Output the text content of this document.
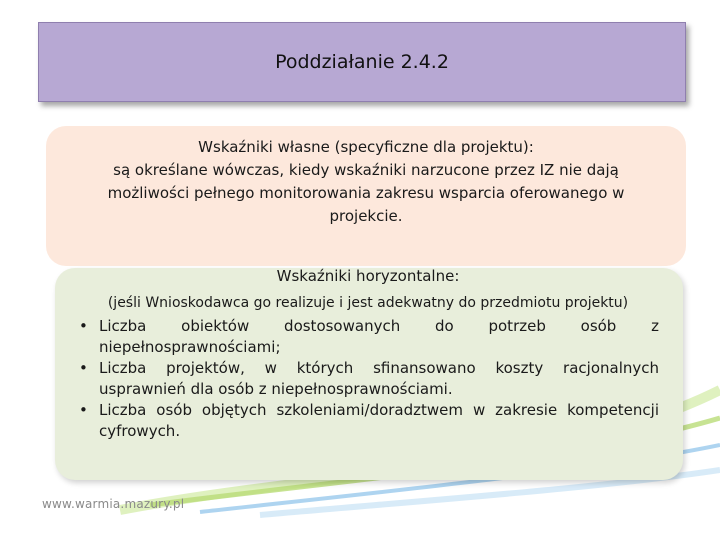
Poddziałanie 2.4.2
Wskaźniki własne (specyficzne dla projektu):
są określane wówczas, kiedy wskaźniki narzucone przez IZ nie dają możliwości pełnego monitorowania zakresu wsparcia oferowanego w projekcie.
Wskaźniki horyzontalne:
(jeśli Wnioskodawca go realizuje i jest adekwatny do przedmiotu projektu)
• Liczba obiektów dostosowanych do potrzeb osób z niepełnosprawnościami;
• Liczba projektów, w których sfinansowano koszty racjonalnych usprawnień dla osób z niepełnosprawnościami.
• Liczba osób objętych szkoleniami/doradztwem w zakresie kompetencji cyfrowych.
www.warmia.mazury.pl
